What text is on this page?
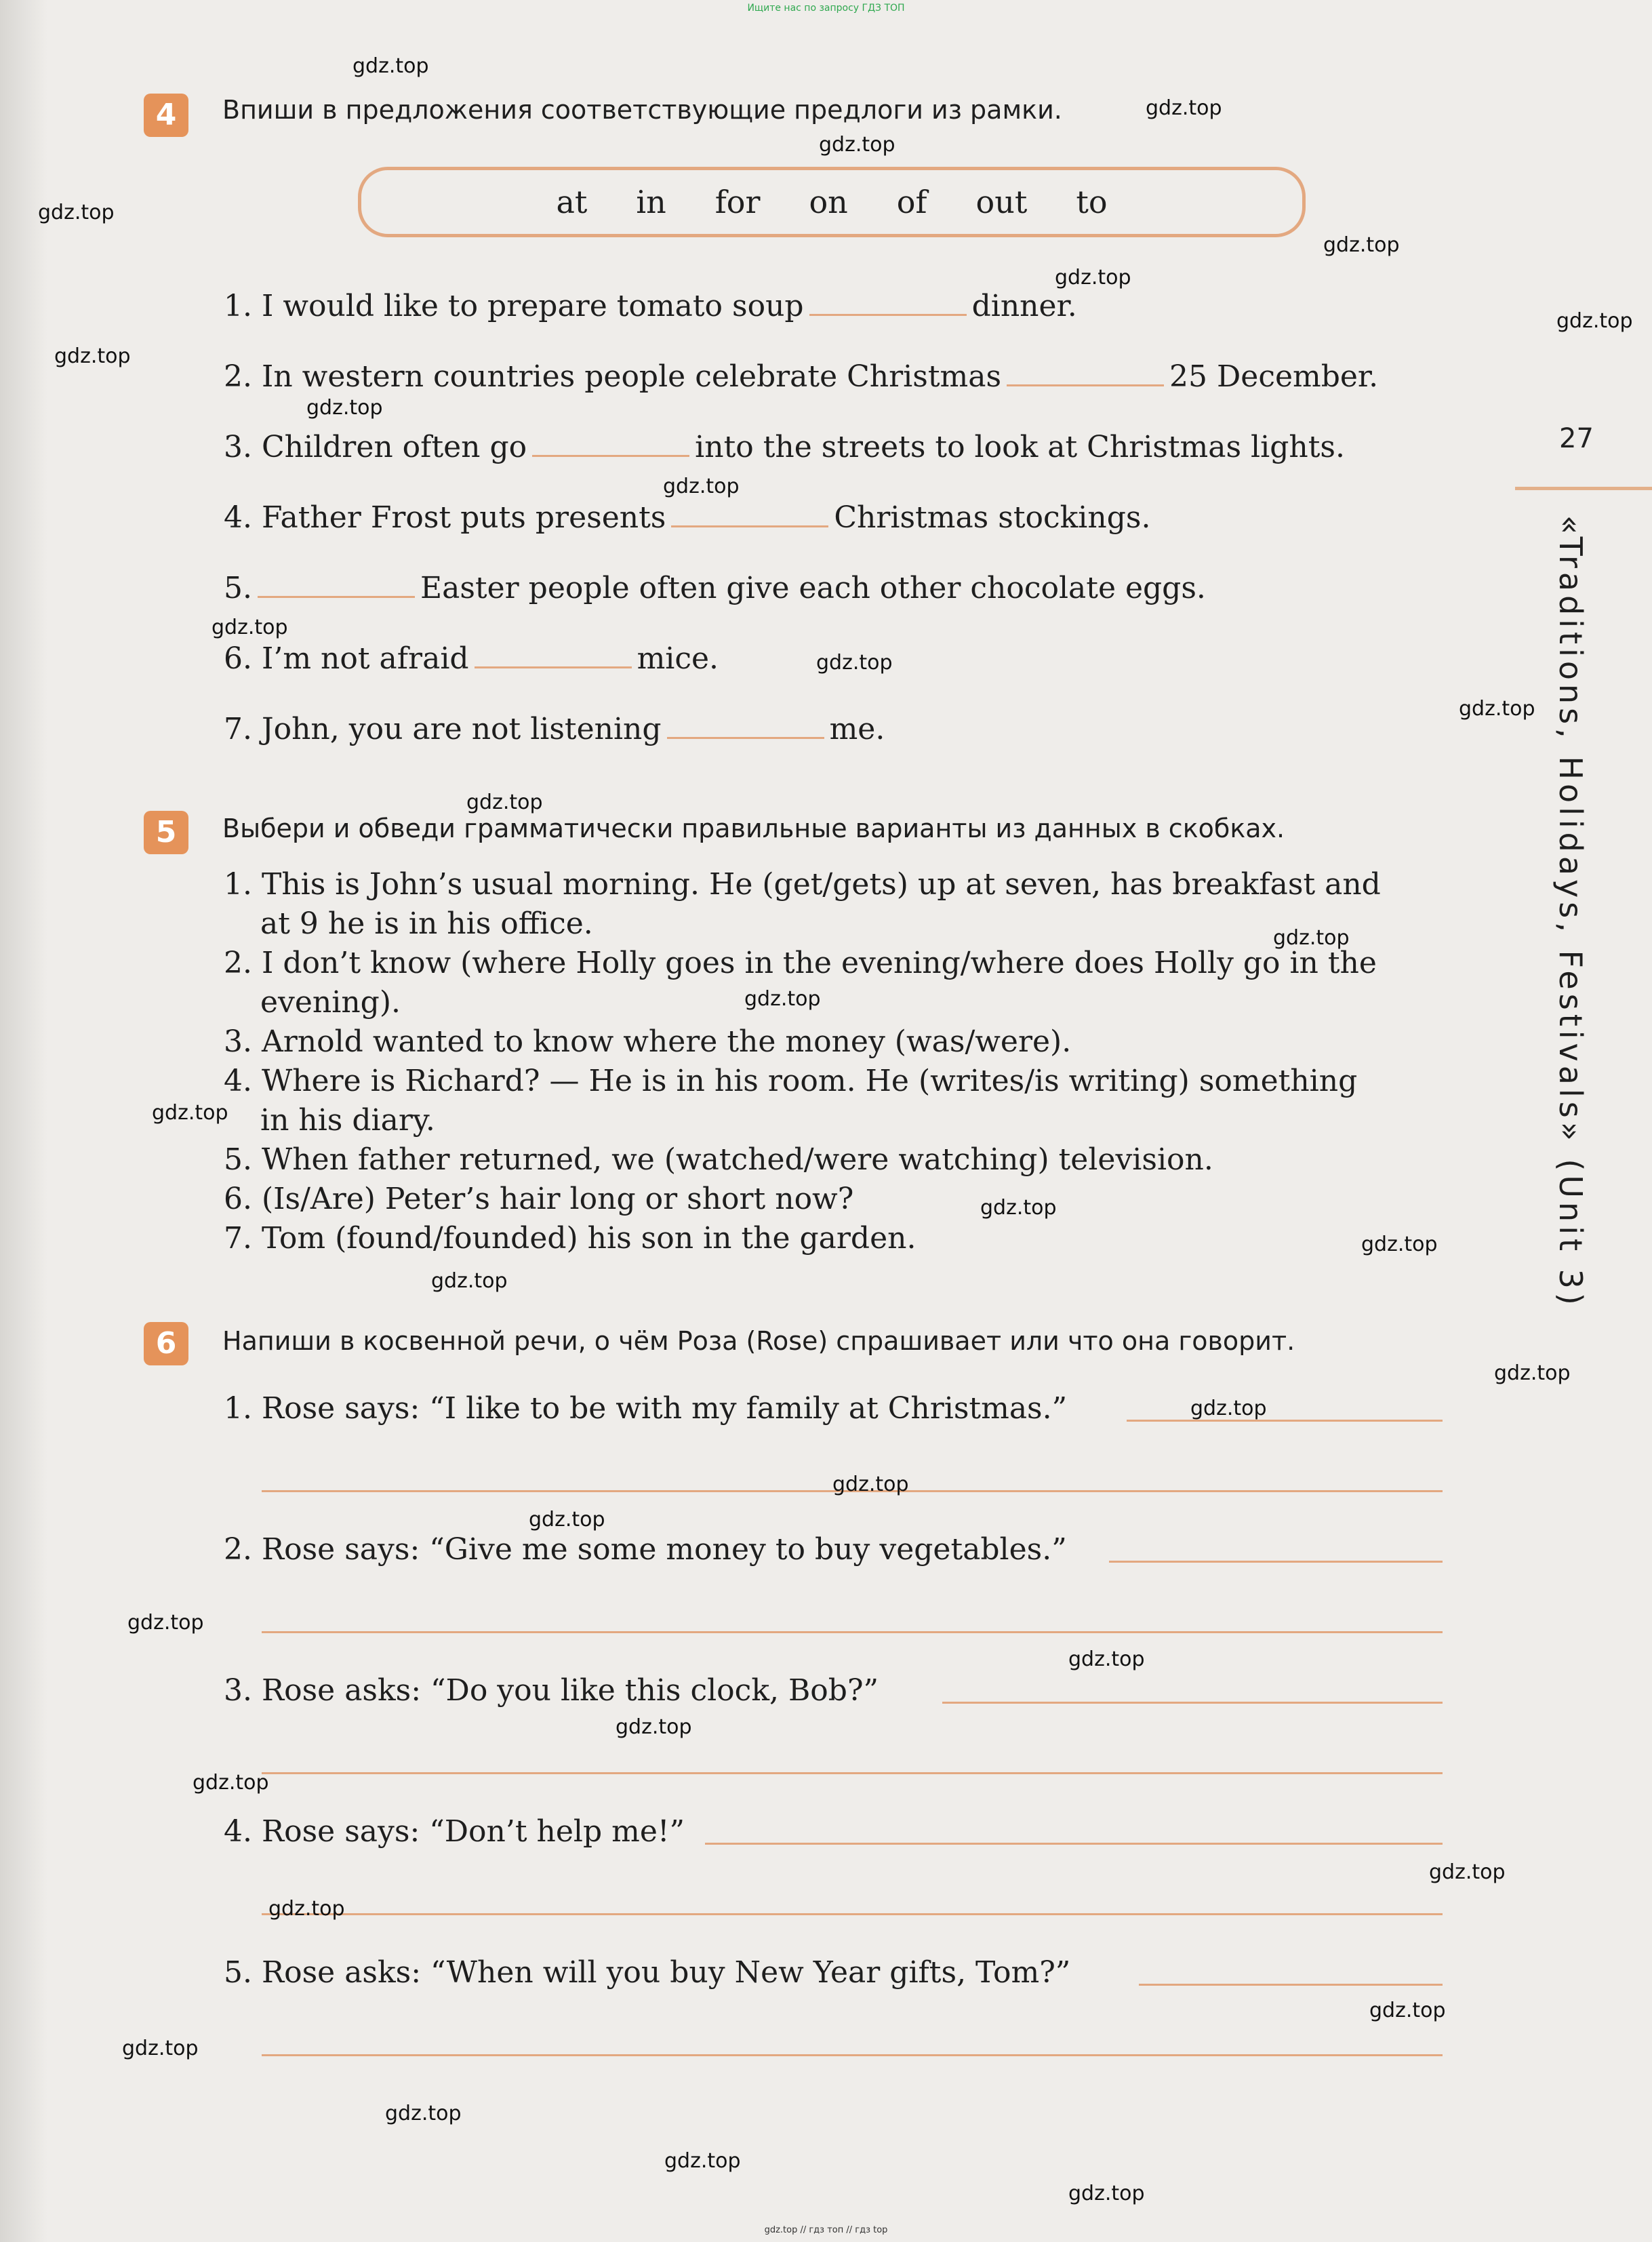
Ищите нас по запросу ГДЗ ТОП
27
«Traditions, Holidays, Festivals» (Unit 3)
4	Впиши в предложения соответствующие предлоги из рамки.
at in for on of out to
1. I would like to prepare tomato soup	dinner.
2. In western countries people celebrate Christmas	25 December.
3. Children often go	into the streets to look at Christmas lights.
4. Father Frost puts presents	Christmas stockings.
5.	Easter people often give each other chocolate eggs.
6. I’m not afraid	mice.
7. John, you are not listening	me.
5	Выбери и обведи грамматически правильные варианты из данных в скобках.
1. This is John’s usual morning. He (get/gets) up at seven, has breakfast and
at 9 he is in his office.
2. I don’t know (where Holly goes in the evening/where does Holly go in the
evening).
3. Arnold wanted to know where the money (was/were).
4. Where is Richard? — He is in his room. He (writes/is writing) something
in his diary.
5. When father returned, we (watched/were watching) television.
6. (Is/Are) Peter’s hair long or short now?
7. Tom (found/founded) his son in the garden.
6	Напиши в косвенной речи, о чём Роза (Rose) спрашивает или что она говорит.
1. Rose says: “I like to be with my family at Christmas.”
2. Rose says: “Give me some money to buy vegetables.”
3. Rose asks: “Do you like this clock, Bob?”
4. Rose says: “Don’t help me!”
5. Rose asks: “When will you buy New Year gifts, Tom?”
gdz.top
gdz.top
gdz.top
gdz.top
gdz.top
gdz.top
gdz.top
gdz.top
gdz.top
gdz.top
gdz.top
gdz.top
gdz.top
gdz.top
gdz.top
gdz.top
gdz.top
gdz.top
gdz.top
gdz.top
gdz.top
gdz.top
gdz.top
gdz.top
gdz.top
gdz.top
gdz.top
gdz.top
gdz.top
gdz.top
gdz.top
gdz.top
gdz.top
gdz.top
gdz.top
gdz.top // гдз топ // гдз top
